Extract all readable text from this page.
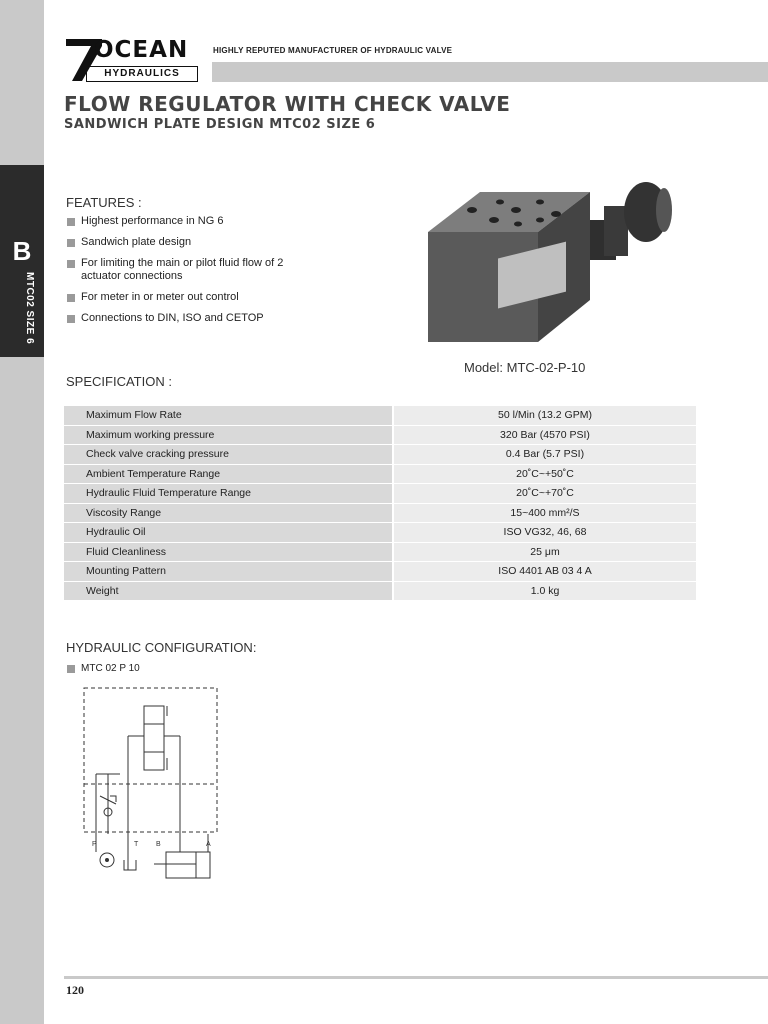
B
MTC02 SIZE 6
OCEAN
HYDRAULICS
HIGHLY REPUTED MANUFACTURER OF HYDRAULIC VALVE
FLOW REGULATOR WITH CHECK VALVE
SANDWICH PLATE DESIGN MTC02 SIZE 6
FEATURES :
Highest performance in NG 6
Sandwich plate design
For limiting the main or pilot fluid flow of 2 actuator connections
For meter in or meter out control
Connections to DIN, ISO and CETOP
Model: MTC-02-P-10
SPECIFICATION :
Maximum Flow Rate	50 l/Min (13.2 GPM)
Maximum working pressure	320 Bar (4570 PSI)
Check valve cracking pressure	0.4 Bar (5.7 PSI)
Ambient Temperature Range	20˚C~+50˚C
Hydraulic Fluid Temperature Range	20˚C~+70˚C
Viscosity Range	15~400 mm²/S
Hydraulic Oil	ISO VG32, 46, 68
Fluid Cleanliness	25 μm
Mounting Pattern	ISO 4401 AB 03 4 A
Weight	1.0 kg
HYDRAULIC CONFIGURATION:
MTC 02 P 10
P	T	B	A
120
